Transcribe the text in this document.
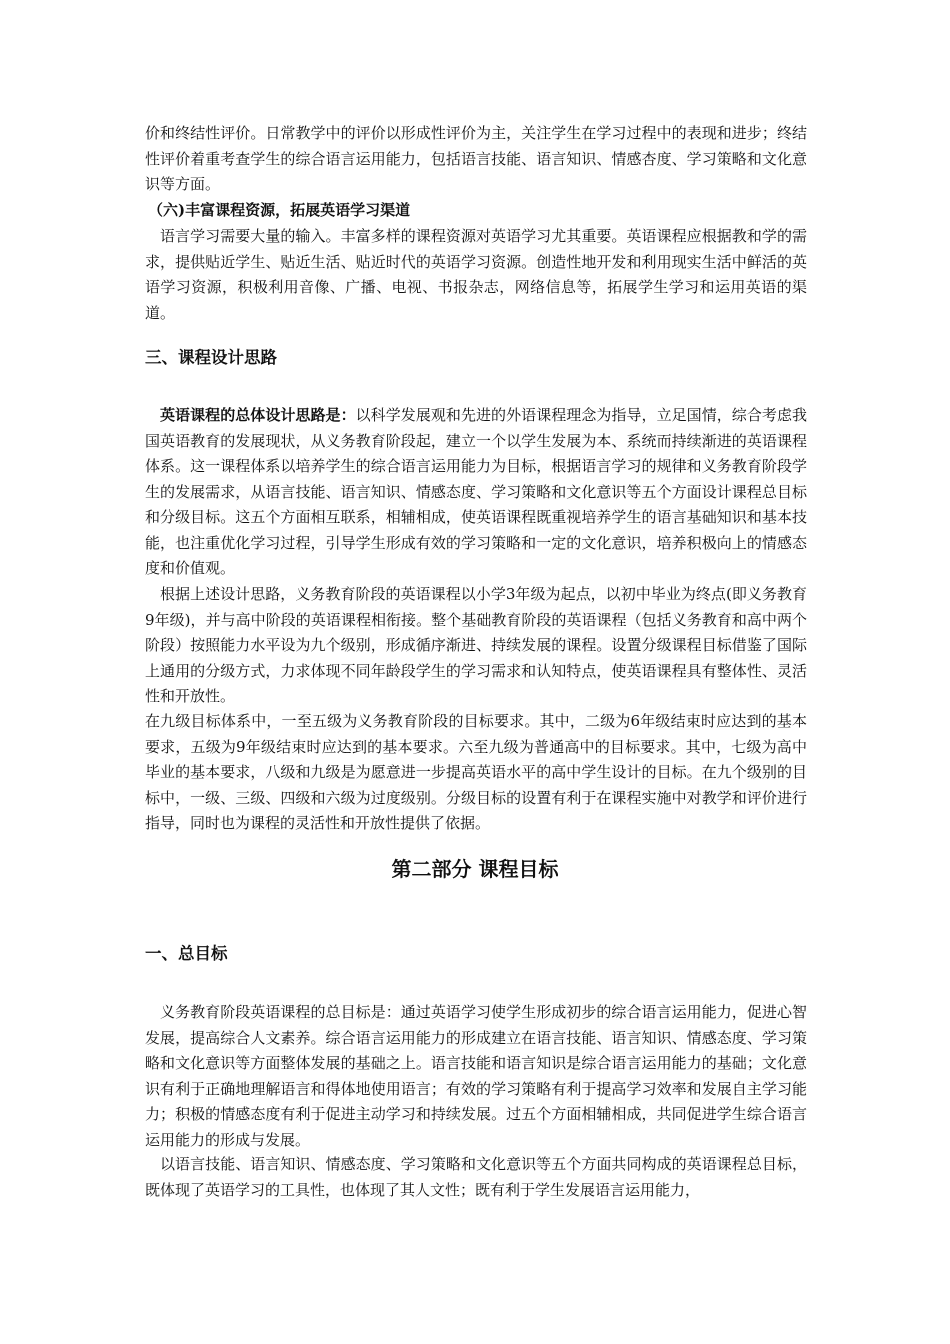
价和终结性评价。日常教学中的评价以形成性评价为主，关注学生在学习过程中的表现和进步；终结性评价着重考查学生的综合语言运用能力，包括语言技能、语言知识、情感杏度、学习策略和文化意识等方面。

（六)丰富课程资源，拓展英语学习渠道

语言学习需要大量的输入。丰富多样的课程资源对英语学习尤其重要。英语课程应根据教和学的需求，提供贴近学生、贴近生活、贴近时代的英语学习资源。创造性地开发和利用现实生活中鲜活的英语学习资源，积极利用音像、广播、电视、书报杂志，网络信息等，拓展学生学习和运用英语的渠道。

三、课程设计思路

英语课程的总体设计思路是：以科学发展观和先进的外语课程理念为指导，立足国情，综合考虑我国英语教育的发展现状，从义务教育阶段起，建立一个以学生发展为本、系统而持续渐进的英语课程体系。这一课程体系以培养学生的综合语言运用能力为目标，根据语言学习的规律和义务教育阶段学生的发展需求，从语言技能、语言知识、情感态度、学习策略和文化意识等五个方面设计课程总目标和分级目标。这五个方面相互联系，相辅相成，使英语课程既重视培养学生的语言基础知识和基本技能，也注重优化学习过程，引导学生形成有效的学习策略和一定的文化意识，培养积极向上的情感态度和价值观。

根据上述设计思路，义务教育阶段的英语课程以小学3年级为起点，以初中毕业为终点(即义务教育9年级)，并与高中阶段的英语课程相衔接。整个基础教育阶段的英语课程（包括义务教育和高中两个阶段）按照能力水平设为九个级别，形成循序渐进、持续发展的课程。设置分级课程目标借鉴了国际上通用的分级方式，力求体现不同年龄段学生的学习需求和认知特点，使英语课程具有整体性、灵活性和开放性。

在九级目标体系中，一至五级为义务教育阶段的目标要求。其中，二级为6年级结束时应达到的基本要求，五级为9年级结束时应达到的基本要求。六至九级为普通高中的目标要求。其中，七级为高中毕业的基本要求，八级和九级是为愿意进一步提高英语水平的高中学生设计的目标。在九个级别的目标中，一级、三级、四级和六级为过度级别。分级目标的设置有利于在课程实施中对教学和评价进行指导，同时也为课程的灵活性和开放性提供了依据。

第二部分 课程目标
一、总目标

义务教育阶段英语课程的总目标是：通过英语学习使学生形成初步的综合语言运用能力，促进心智发展，提高综合人文素养。综合语言运用能力的形成建立在语言技能、语言知识、情感态度、学习策略和文化意识等方面整体发展的基础之上。语言技能和语言知识是综合语言运用能力的基础；文化意识有利于正确地理解语言和得体地使用语言；有效的学习策略有利于提高学习效率和发展自主学习能力；积极的情感态度有利于促进主动学习和持续发展。过五个方面相辅相成，共同促进学生综合语言运用能力的形成与发展。

以语言技能、语言知识、情感态度、学习策略和文化意识等五个方面共同构成的英语课程总目标，既体现了英语学习的工具性，也体现了其人文性；既有利于学生发展语言运用能力，
